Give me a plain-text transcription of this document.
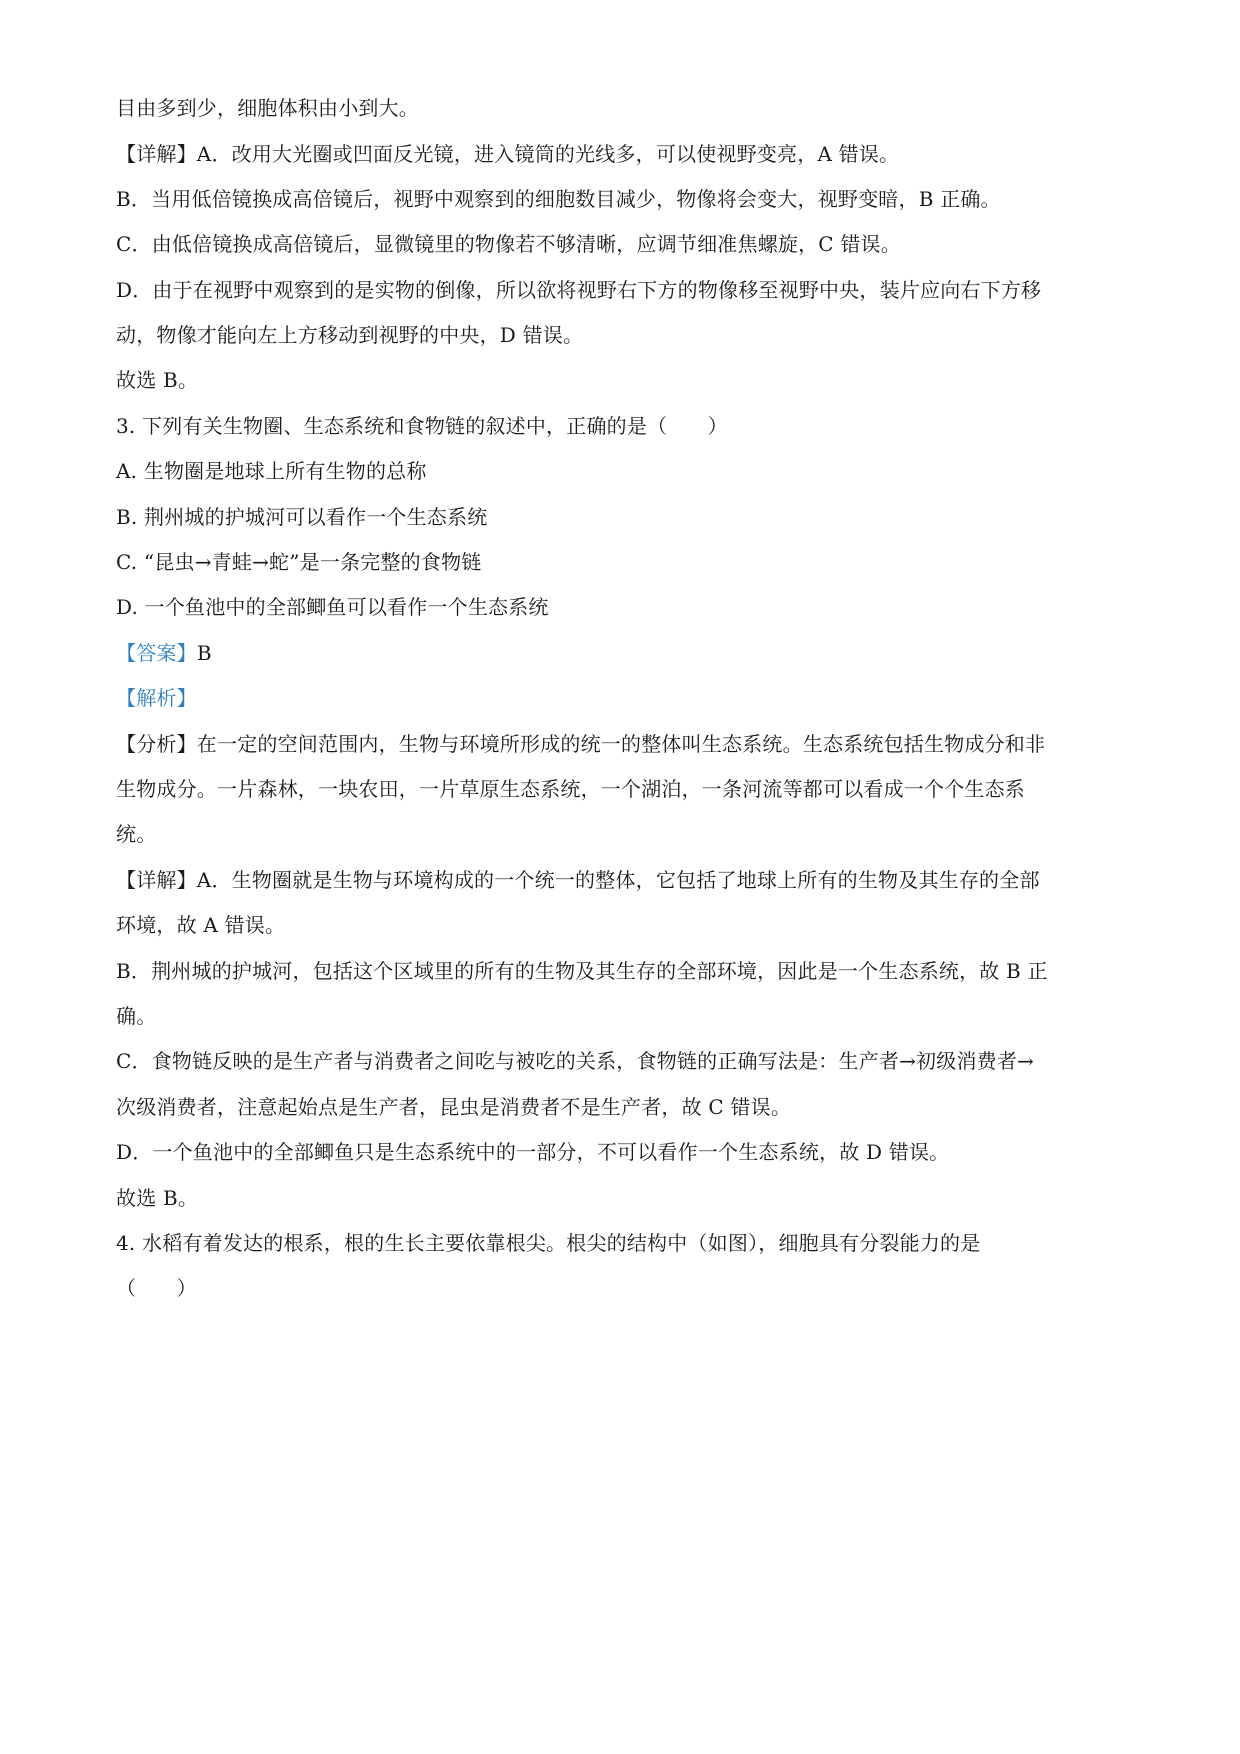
目由多到少，细胞体积由小到大。
【详解】A．改用大光圈或凹面反光镜，进入镜筒的光线多，可以使视野变亮，A 错误。
B．当用低倍镜换成高倍镜后，视野中观察到的细胞数目减少，物像将会变大，视野变暗，B 正确。
C．由低倍镜换成高倍镜后，显微镜里的物像若不够清晰，应调节细准焦螺旋，C 错误。
D．由于在视野中观察到的是实物的倒像，所以欲将视野右下方的物像移至视野中央，装片应向右下方移
动，物像才能向左上方移动到视野的中央，D 错误。
故选 B。
3. 下列有关生物圈、生态系统和食物链的叙述中，正确的是（　　）
A. 生物圈是地球上所有生物的总称
B. 荆州城的护城河可以看作一个生态系统
C. “昆虫→青蛙→蛇”是一条完整的食物链
D. 一个鱼池中的全部鲫鱼可以看作一个生态系统
【答案】B
【解析】
【分析】在一定的空间范围内，生物与环境所形成的统一的整体叫生态系统。生态系统包括生物成分和非
生物成分。一片森林，一块农田，一片草原生态系统，一个湖泊，一条河流等都可以看成一个个生态系
统。
【详解】A．生物圈就是生物与环境构成的一个统一的整体，它包括了地球上所有的生物及其生存的全部
环境，故 A 错误。
B．荆州城的护城河，包括这个区域里的所有的生物及其生存的全部环境，因此是一个生态系统，故 B 正
确。
C．食物链反映的是生产者与消费者之间吃与被吃的关系，食物链的正确写法是：生产者→初级消费者→
次级消费者，注意起始点是生产者，昆虫是消费者不是生产者，故 C 错误。
D．一个鱼池中的全部鲫鱼只是生态系统中的一部分，不可以看作一个生态系统，故 D 错误。
故选 B。
4. 水稻有着发达的根系，根的生长主要依靠根尖。根尖的结构中（如图），细胞具有分裂能力的是
（　　）
